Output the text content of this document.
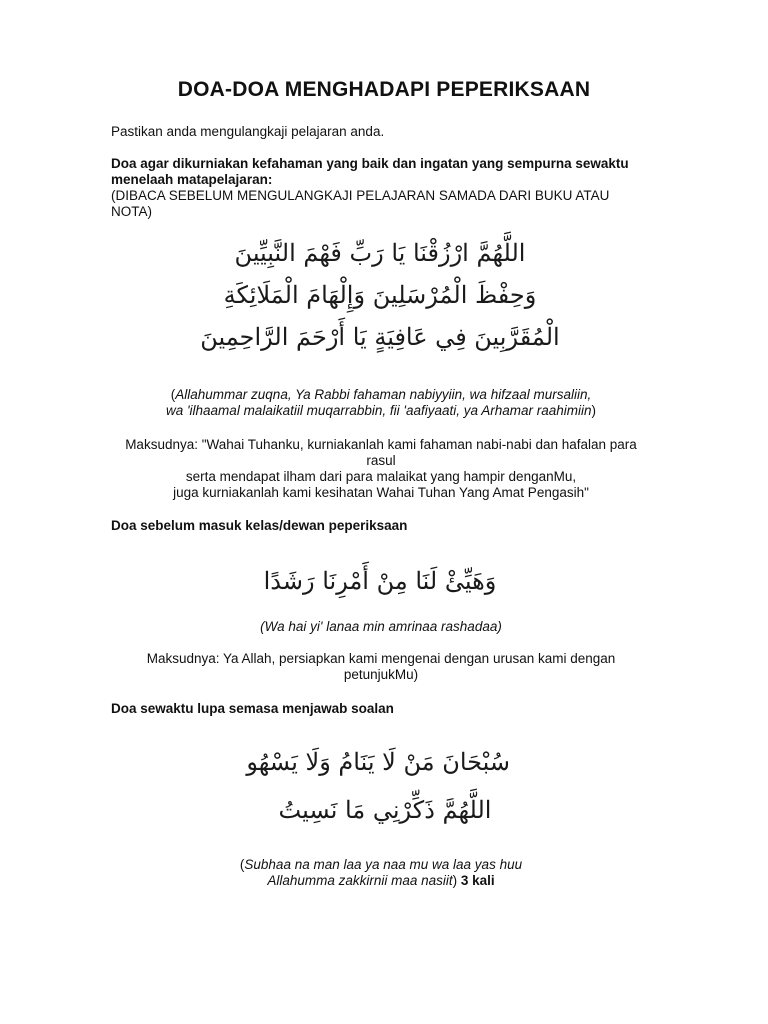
DOA-DOA MENGHADAPI PEPERIKSAAN
Pastikan anda mengulangkaji pelajaran anda.
Doa agar dikurniakan kefahaman yang baik dan ingatan yang sempurna sewaktu
menelaah matapelajaran:
(DIBACA SEBELUM MENGULANGKAJI PELAJARAN SAMADA DARI BUKU ATAU
NOTA)
اللَّهُمَّ ارْزُقْنَا يَا رَبِّ فَهْمَ النَّبِيِّينَ
وَحِفْظَ الْمُرْسَلِينَ وَإِلْهَامَ الْمَلَائِكَةِ
الْمُقَرَّبِينَ فِي عَافِيَةٍ يَا أَرْحَمَ الرَّاحِمِينَ
(Allahummar zuqna, Ya Rabbi fahaman nabiyyiin, wa hifzaal mursaliin,
wa 'ilhaamal malaikatiil muqarrabbin, fii 'aafiyaati, ya Arhamar raahimiin)
Maksudnya: "Wahai Tuhanku, kurniakanlah kami fahaman nabi-nabi dan hafalan para
rasul
serta mendapat ilham dari para malaikat yang hampir denganMu,
juga kurniakanlah kami kesihatan Wahai Tuhan Yang Amat Pengasih"
Doa sebelum masuk kelas/dewan peperiksaan
وَهَيِّئْ لَنَا مِنْ أَمْرِنَا رَشَدًا
(Wa hai yi' lanaa min amrinaa rashadaa)
Maksudnya: Ya Allah, persiapkan kami mengenai dengan urusan kami dengan
petunjukMu)
Doa sewaktu lupa semasa menjawab soalan
سُبْحَانَ مَنْ لَا يَنَامُ وَلَا يَسْهُو
اللَّهُمَّ ذَكِّرْنِي مَا نَسِيتُ
(Subhaa na man laa ya naa mu wa laa yas huu
Allahumma zakkirnii maa nasiit) 3 kali
